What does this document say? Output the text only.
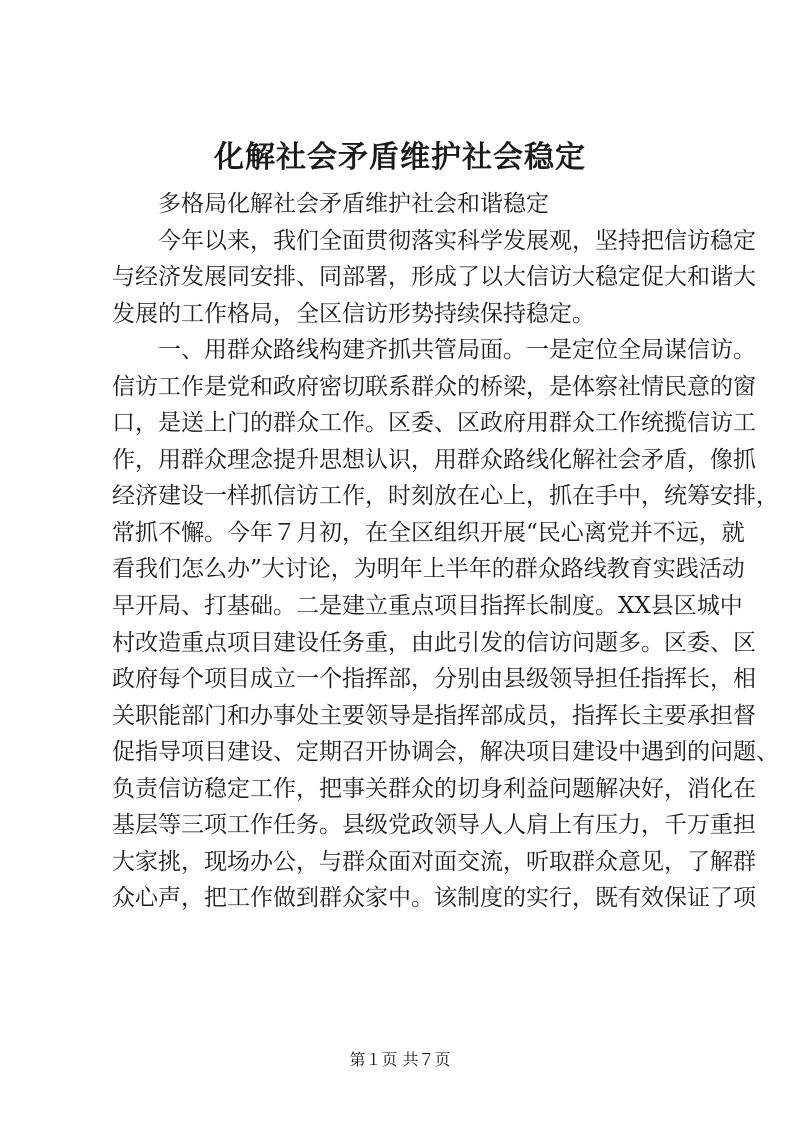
化解社会矛盾维护社会稳定
多格局化解社会矛盾维护社会和谐稳定
今年以来，我们全面贯彻落实科学发展观，坚持把信访稳定
与经济发展同安排、同部署，形成了以大信访大稳定促大和谐大
发展的工作格局，全区信访形势持续保持稳定。
一、用群众路线构建齐抓共管局面。一是定位全局谋信访。
信访工作是党和政府密切联系群众的桥梁，是体察社情民意的窗
口，是送上门的群众工作。区委、区政府用群众工作统揽信访工
作，用群众理念提升思想认识，用群众路线化解社会矛盾，像抓
经济建设一样抓信访工作，时刻放在心上，抓在手中，统筹安排，
常抓不懈。今年７月初，在全区组织开展“民心离党并不远，就
看我们怎么办”大讨论，为明年上半年的群众路线教育实践活动
早开局、打基础。二是建立重点项目指挥长制度。XX县区城中
村改造重点项目建设任务重，由此引发的信访问题多。区委、区
政府每个项目成立一个指挥部，分别由县级领导担任指挥长，相
关职能部门和办事处主要领导是指挥部成员，指挥长主要承担督
促指导项目建设、定期召开协调会，解决项目建设中遇到的问题、
负责信访稳定工作，把事关群众的切身利益问题解决好，消化在
基层等三项工作任务。县级党政领导人人肩上有压力，千万重担
大家挑，现场办公，与群众面对面交流，听取群众意见，了解群
众心声，把工作做到群众家中。该制度的实行，既有效保证了项
第１页 共７页
